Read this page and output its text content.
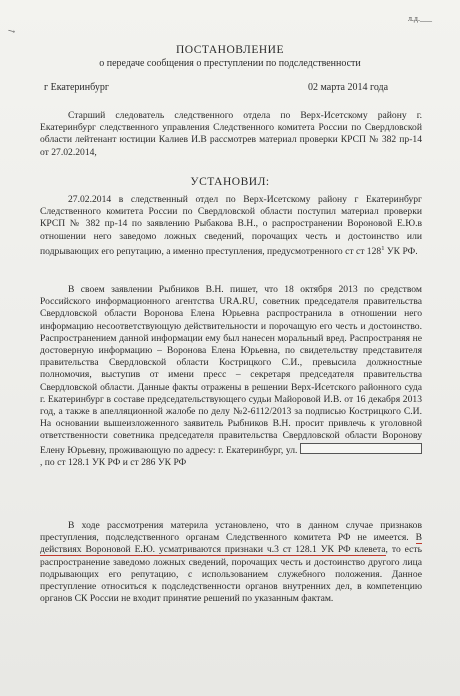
л.д.___
↘
ПОСТАНОВЛЕНИЕ
о передаче сообщения о преступлении по подследственности
г Екатеринбург	02 марта 2014 года

Старший следователь следственного отдела по Верх-Исетскому району г. Екатеринбург следственного управления Следственного комитета России по Свердловской области лейтенант юстиции Калиев И.В рассмотрев материал проверки КРСП № 382 пр-14 от 27.02.2014,

УСТАНОВИЛ:

27.02.2014 в следственный отдел по Верх-Исетскому району г Екатеринбург Следственного комитета России по Свердловской области поступил материал проверки КРСП № 382 пр-14 по заявлению Рыбакова В.Н., о распространении Вороновой Е.Ю.в отношении него заведомо ложных сведений, порочащих честь и достоинство или подрывающих его репутацию, а именно преступления, предусмотренного ст ст $128^1$ УК РФ.

В своем заявлении Рыбников В.Н. пишет, что 18 октября 2013 по средством Российского информационного агентства URA.RU, советник председателя правительства Свердловской области Воронова Елена Юрьевна распространила в отношении него информацию несоответствующую действительности и порочащую его честь и достоинство. Распространением данной информации ему был нанесен моральный вред. Распространяя не достоверную информацию – Воронова Елена Юрьевна, по свидетельству представителя правительства Свердловской области Кострицкого С.И., превысила должностные полномочия, выступив от имени пресс – секретаря председателя правительства Свердловской области. Данные факты отражены в решении Верх-Исетского районного суда г. Екатеринбург в составе председательствующего судьи Майоровой И.В. от 16 декабря 2013 год, а также в апелляционной жалобе по делу №2-6112/2013 за подписью Кострицкого С.И. На основании вышеизложенного заявитель Рыбников В.Н. просит привлечь к уголовной ответственности советника председателя правительства Свердловской области Воронову Елену Юрьевну, проживающую по адресу: г. Екатеринбург, ул. , по ст 128.1 УК РФ и ст 286 УК РФ

В ходе рассмотрения материла установлено, что в данном случае признаков преступления, подследственного органам Следственного комитета РФ не имеется. В действиях Вороновой Е.Ю. усматриваются признаки ч.3 ст 128.1 УК РФ клевета, то есть распространение заведомо ложных сведений, порочащих честь и достоинство другого лица подрывающих его репутацию, с использованием служебного положения. Данное преступление относиться к подследственности органов внутренних дел, в компетенцию органов СК России не входит принятие решений по указанным фактам.
